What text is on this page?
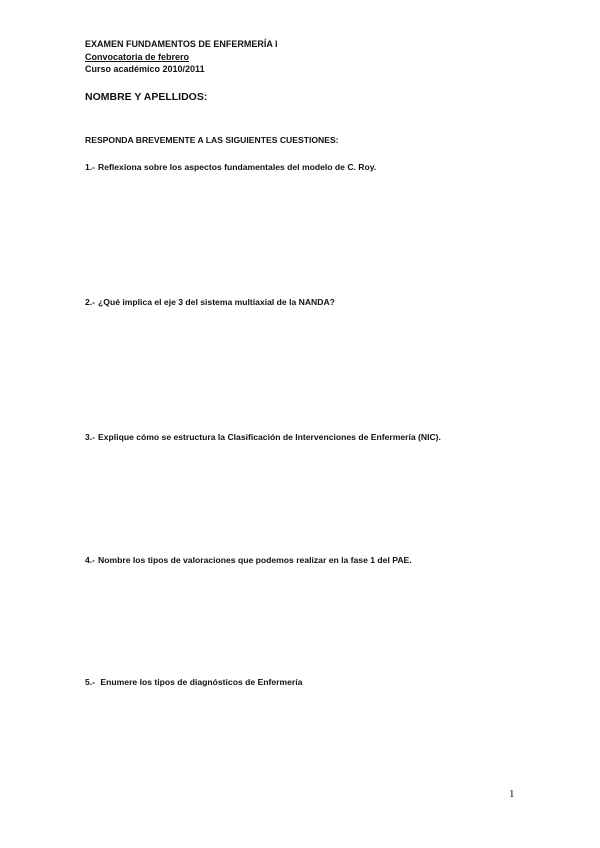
EXAMEN FUNDAMENTOS DE ENFERMERÍA I
Convocatoria de febrero
Curso académico 2010/2011
NOMBRE Y APELLIDOS:
RESPONDA BREVEMENTE A LAS SIGUIENTES CUESTIONES:
1.- Reflexiona sobre los aspectos fundamentales del modelo de C. Roy.
2.- ¿Qué implica el eje 3 del sistema multiaxial de la NANDA?
3.- Explique cómo se estructura la Clasificación de Intervenciones de Enfermería (NIC).
4.- Nombre los tipos de valoraciones que podemos realizar en la fase 1 del PAE.
5.- Enumere los tipos de diagnósticos de Enfermería
1
